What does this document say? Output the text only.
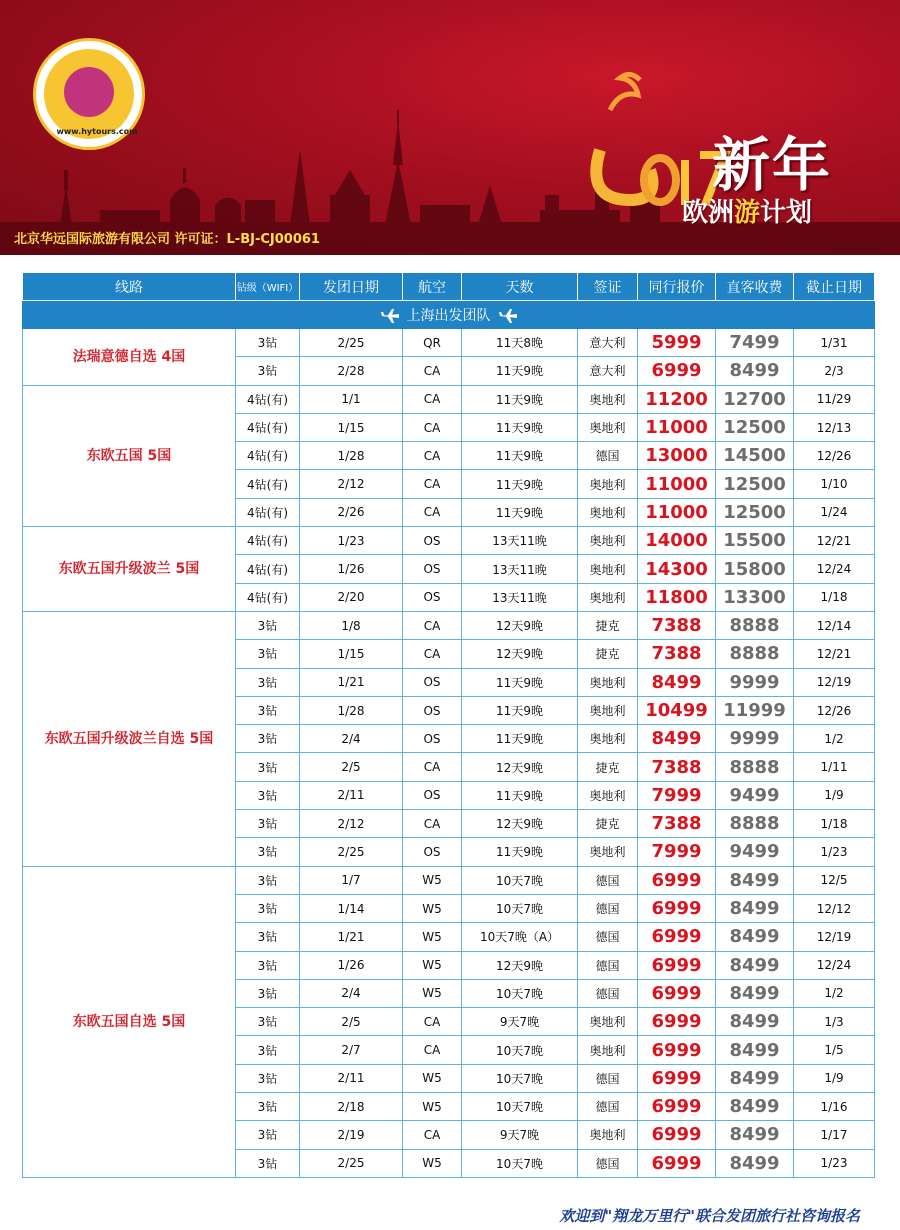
www.hytours.com
北京华远国际旅游有限公司 许可证：L-BJ-CJ00061
2017
新年
欧洲游计划
线路	钻级（WIFI）	发团日期	航空	天数	签证	同行报价	直客收费	截止日期
上海出发团队								
法瑞意德自选 4国	3钻	2/25	QR	11天8晚	意大利	5999	7499	1/31
	3钻	2/28	CA	11天9晚	意大利	6999	8499	2/3
东欧五国 5国	4钻(有)	1/1	CA	11天9晚	奥地利	11200	12700	11/29
	4钻(有)	1/15	CA	11天9晚	奥地利	11000	12500	12/13
	4钻(有)	1/28	CA	11天9晚	德国	13000	14500	12/26
	4钻(有)	2/12	CA	11天9晚	奥地利	11000	12500	1/10
	4钻(有)	2/26	CA	11天9晚	奥地利	11000	12500	1/24
东欧五国升级波兰 5国	4钻(有)	1/23	OS	13天11晚	奥地利	14000	15500	12/21
	4钻(有)	1/26	OS	13天11晚	奥地利	14300	15800	12/24
	4钻(有)	2/20	OS	13天11晚	奥地利	11800	13300	1/18
东欧五国升级波兰自选 5国	3钻	1/8	CA	12天9晚	捷克	7388	8888	12/14
	3钻	1/15	CA	12天9晚	捷克	7388	8888	12/21
	3钻	1/21	OS	11天9晚	奥地利	8499	9999	12/19
	3钻	1/28	OS	11天9晚	奥地利	10499	11999	12/26
	3钻	2/4	OS	11天9晚	奥地利	8499	9999	1/2
	3钻	2/5	CA	12天9晚	捷克	7388	8888	1/11
	3钻	2/11	OS	11天9晚	奥地利	7999	9499	1/9
	3钻	2/12	CA	12天9晚	捷克	7388	8888	1/18
	3钻	2/25	OS	11天9晚	奥地利	7999	9499	1/23
东欧五国自选 5国	3钻	1/7	W5	10天7晚	德国	6999	8499	12/5
	3钻	1/14	W5	10天7晚	德国	6999	8499	12/12
	3钻	1/21	W5	10天7晚（A）	德国	6999	8499	12/19
	3钻	1/26	W5	12天9晚	德国	6999	8499	12/24
	3钻	2/4	W5	10天7晚	德国	6999	8499	1/2
	3钻	2/5	CA	9天7晚	奥地利	6999	8499	1/3
	3钻	2/7	CA	10天7晚	奥地利	6999	8499	1/5
	3钻	2/11	W5	10天7晚	德国	6999	8499	1/9
	3钻	2/18	W5	10天7晚	德国	6999	8499	1/16
	3钻	2/19	CA	9天7晚	奥地利	6999	8499	1/17
	3钻	2/25	W5	10天7晚	德国	6999	8499	1/23
欢迎到"翔龙万里行"联合发团旅行社咨询报名
